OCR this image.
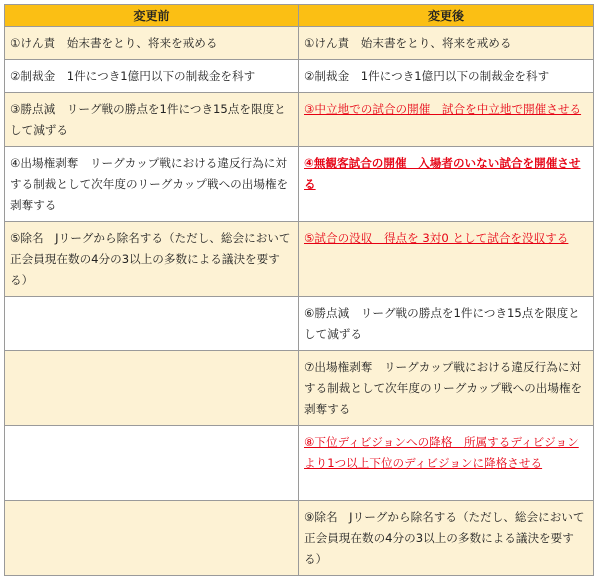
変更前	変更後
①けん責　始末書をとり、将来を戒める	①けん責　始末書をとり、将来を戒める
②制裁金　1件につき1億円以下の制裁金を科す	②制裁金　1件につき1億円以下の制裁金を科す
③勝点減　リーグ戦の勝点を1件につき15点を限度として減ずる	③中立地での試合の開催　試合を中立地で開催させる
④出場権剥奪　リーグカップ戦における違反行為に対する制裁として次年度のリーグカップ戦への出場権を剥奪する	④無観客試合の開催　入場者のいない試合を開催させる
⑤除名　Jリーグから除名する（ただし、総会において正会員現在数の4分の3以上の多数による議決を要する）	⑤試合の没収　得点を 3対0 として試合を没収する
	⑥勝点減　リーグ戦の勝点を1件につき15点を限度として減ずる
	⑦出場権剥奪　リーグカップ戦における違反行為に対する制裁として次年度のリーグカップ戦への出場権を剥奪する
	⑧下位ディビジョンへの降格　所属するディビジョンより1つ以上下位のディビジョンに降格させる
	⑨除名　Jリーグから除名する（ただし、総会において正会員現在数の4分の3以上の多数による議決を要する）
